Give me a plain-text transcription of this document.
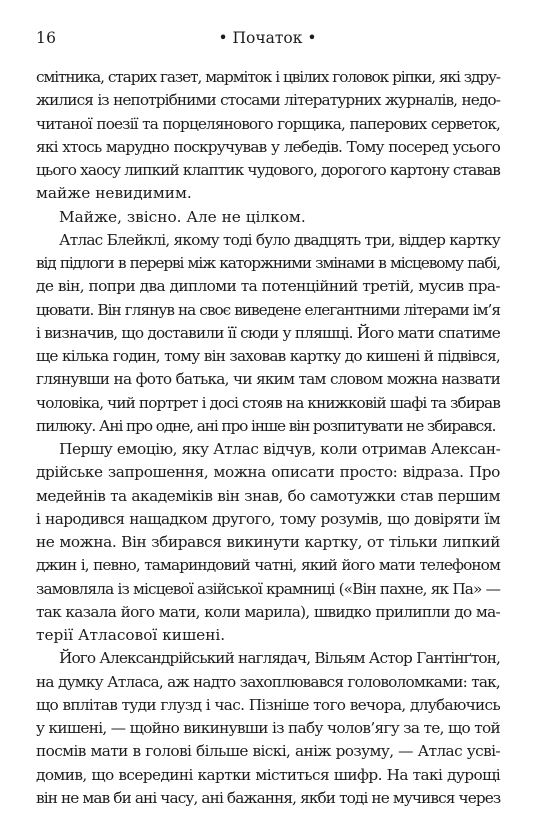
16	• Початок •
смітника, старих газет, марміток і цвілих головок ріпки, які здру-
жилися із непотрібними стосами літературних журналів, недо-
читаної поезії та порцелянового горщика, паперових серветок,
які хтось марудно поскручував у лебедів. Тому посеред усього
цього хаосу липкий клаптик чудового, дорогого картону ставав
майже невидимим.
Майже, звісно. Але не цілком.
Атлас Блейклі, якому тоді було двадцять три, віддер картку
від підлоги в перерві між каторжними змінами в місцевому пабі,
де він, попри два дипломи та потенційний третій, мусив пра-
цювати. Він глянув на своє виведене елегантними літерами ім’я
і визначив, що доставили її сюди у пляшці. Його мати спатиме
ще кілька годин, тому він заховав картку до кишені й підвівся,
глянувши на фото батька, чи яким там словом можна назвати
чоловіка, чий портрет і досі стояв на книжковій шафі та збирав
пилюку. Ані про одне, ані про інше він розпитувати не збирався.
Першу емоцію, яку Атлас відчув, коли отримав Алексан-
дрійське запрошення, можна описати просто: відраза. Про
медейнів та академіків він знав, бо самотужки став першим
і народився нащадком другого, тому розумів, що довіряти їм
не можна. Він збирався викинути картку, от тільки липкий
джин і, певно, тамариндовий чатні, який його мати телефоном
замовляла із місцевої азійської крамниці («Він пахне, як Па» —
так казала його мати, коли марила), швидко прилипли до ма-
терії Атласової кишені.
Його Александрійський наглядач, Вільям Астор Гантінґтон,
на думку Атласа, аж надто захоплювався головоломками: так,
що вплітав туди глузд і час. Пізніше того вечора, длубаючись
у кишені, — щойно викинувши із пабу чолов’ягу за те, що той
посмів мати в голові більше віскі, аніж розуму, — Атлас усві-
домив, що всередині картки міститься шифр. На такі дурощі
він не мав би ані часу, ані бажання, якби тоді не мучився через
